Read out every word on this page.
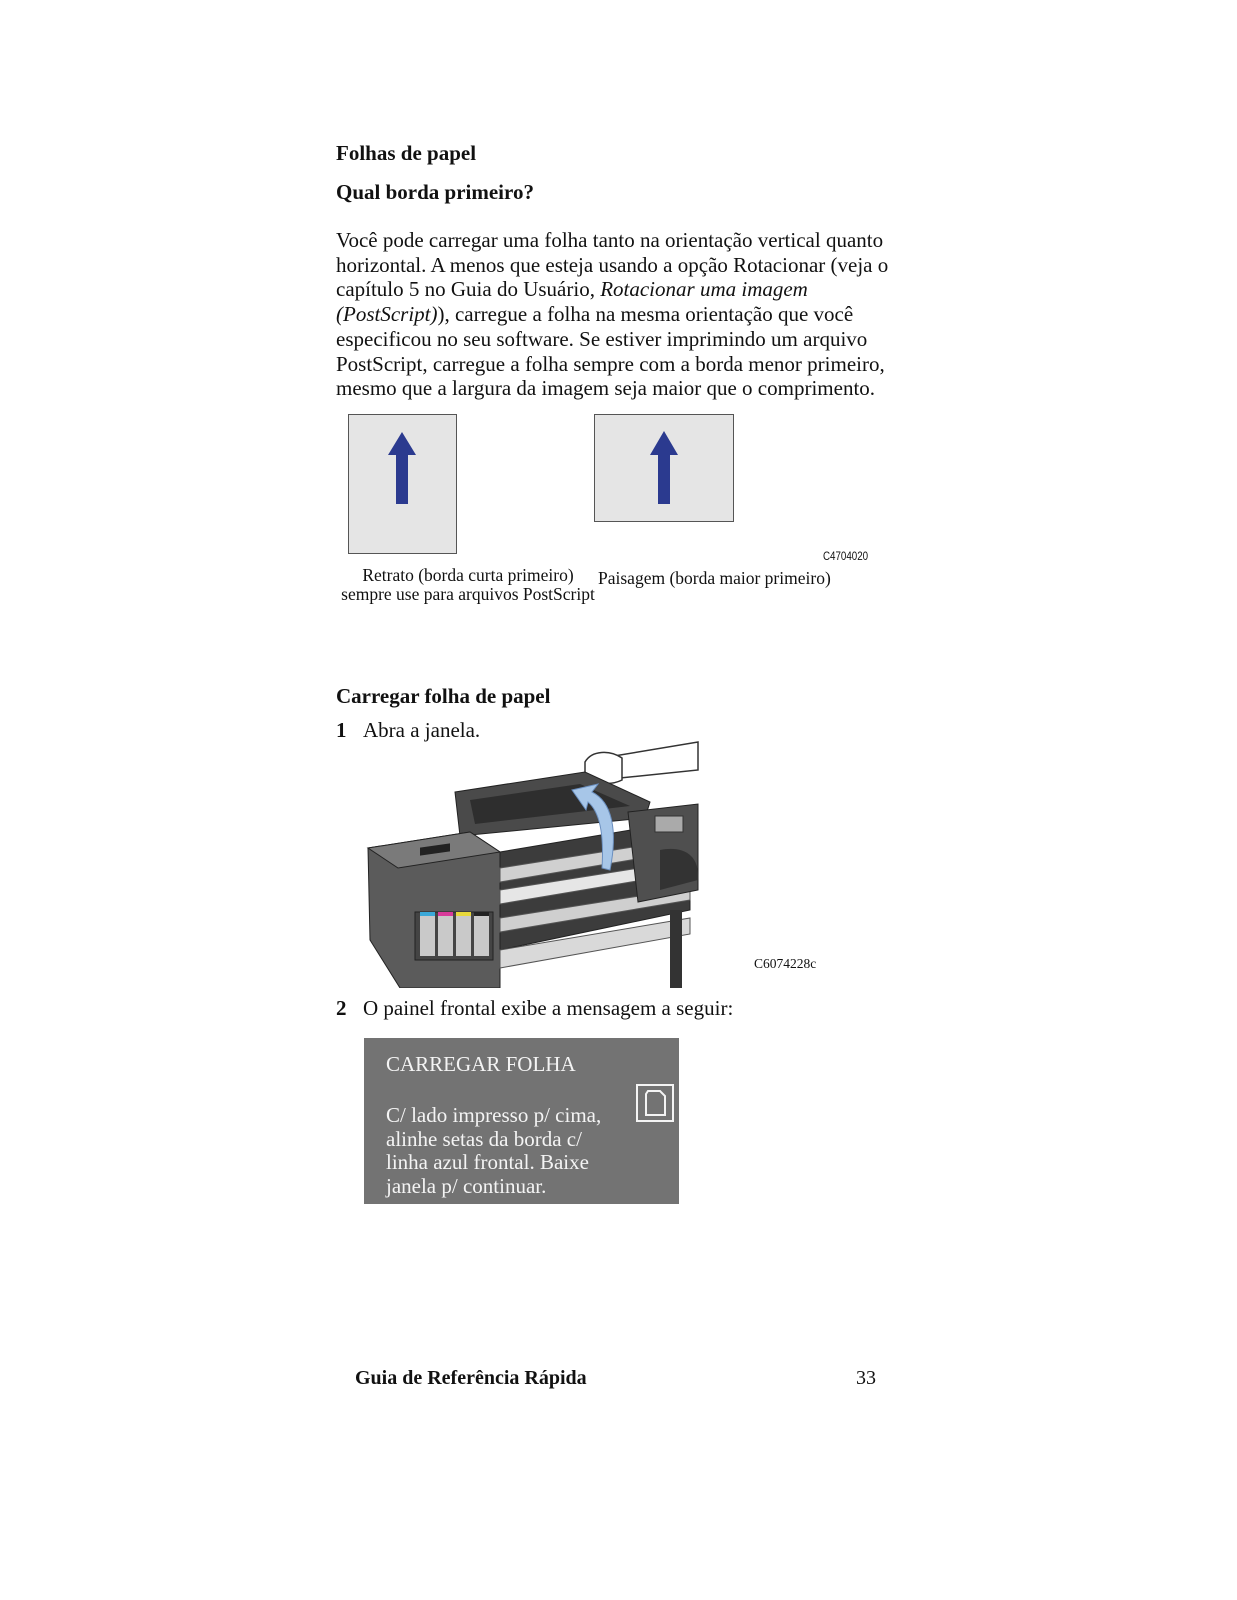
Folhas de papel
Qual borda primeiro?
Você pode carregar uma folha tanto na orientação vertical quanto horizontal. A menos que esteja usando a opção Rotacionar (veja o capítulo 5 no Guia do Usuário, Rotacionar uma imagem (PostScript)), carregue a folha na mesma orientação que você especificou no seu software. Se estiver imprimindo um arquivo PostScript, carregue a folha sempre com a borda menor primeiro, mesmo que a largura da imagem seja maior que o comprimento.
C4704020
Retrato (borda curta primeiro)
sempre use para arquivos PostScript
Paisagem (borda maior primeiro)
Carregar folha de papel
1 Abra a janela.
C6074228c
2 O painel frontal exibe a mensagem a seguir:
CARREGAR FOLHA
C/ lado impresso p/ cima,
alinhe setas da borda c/
linha azul frontal. Baixe
janela p/ continuar.
Guia de Referência Rápida	33
